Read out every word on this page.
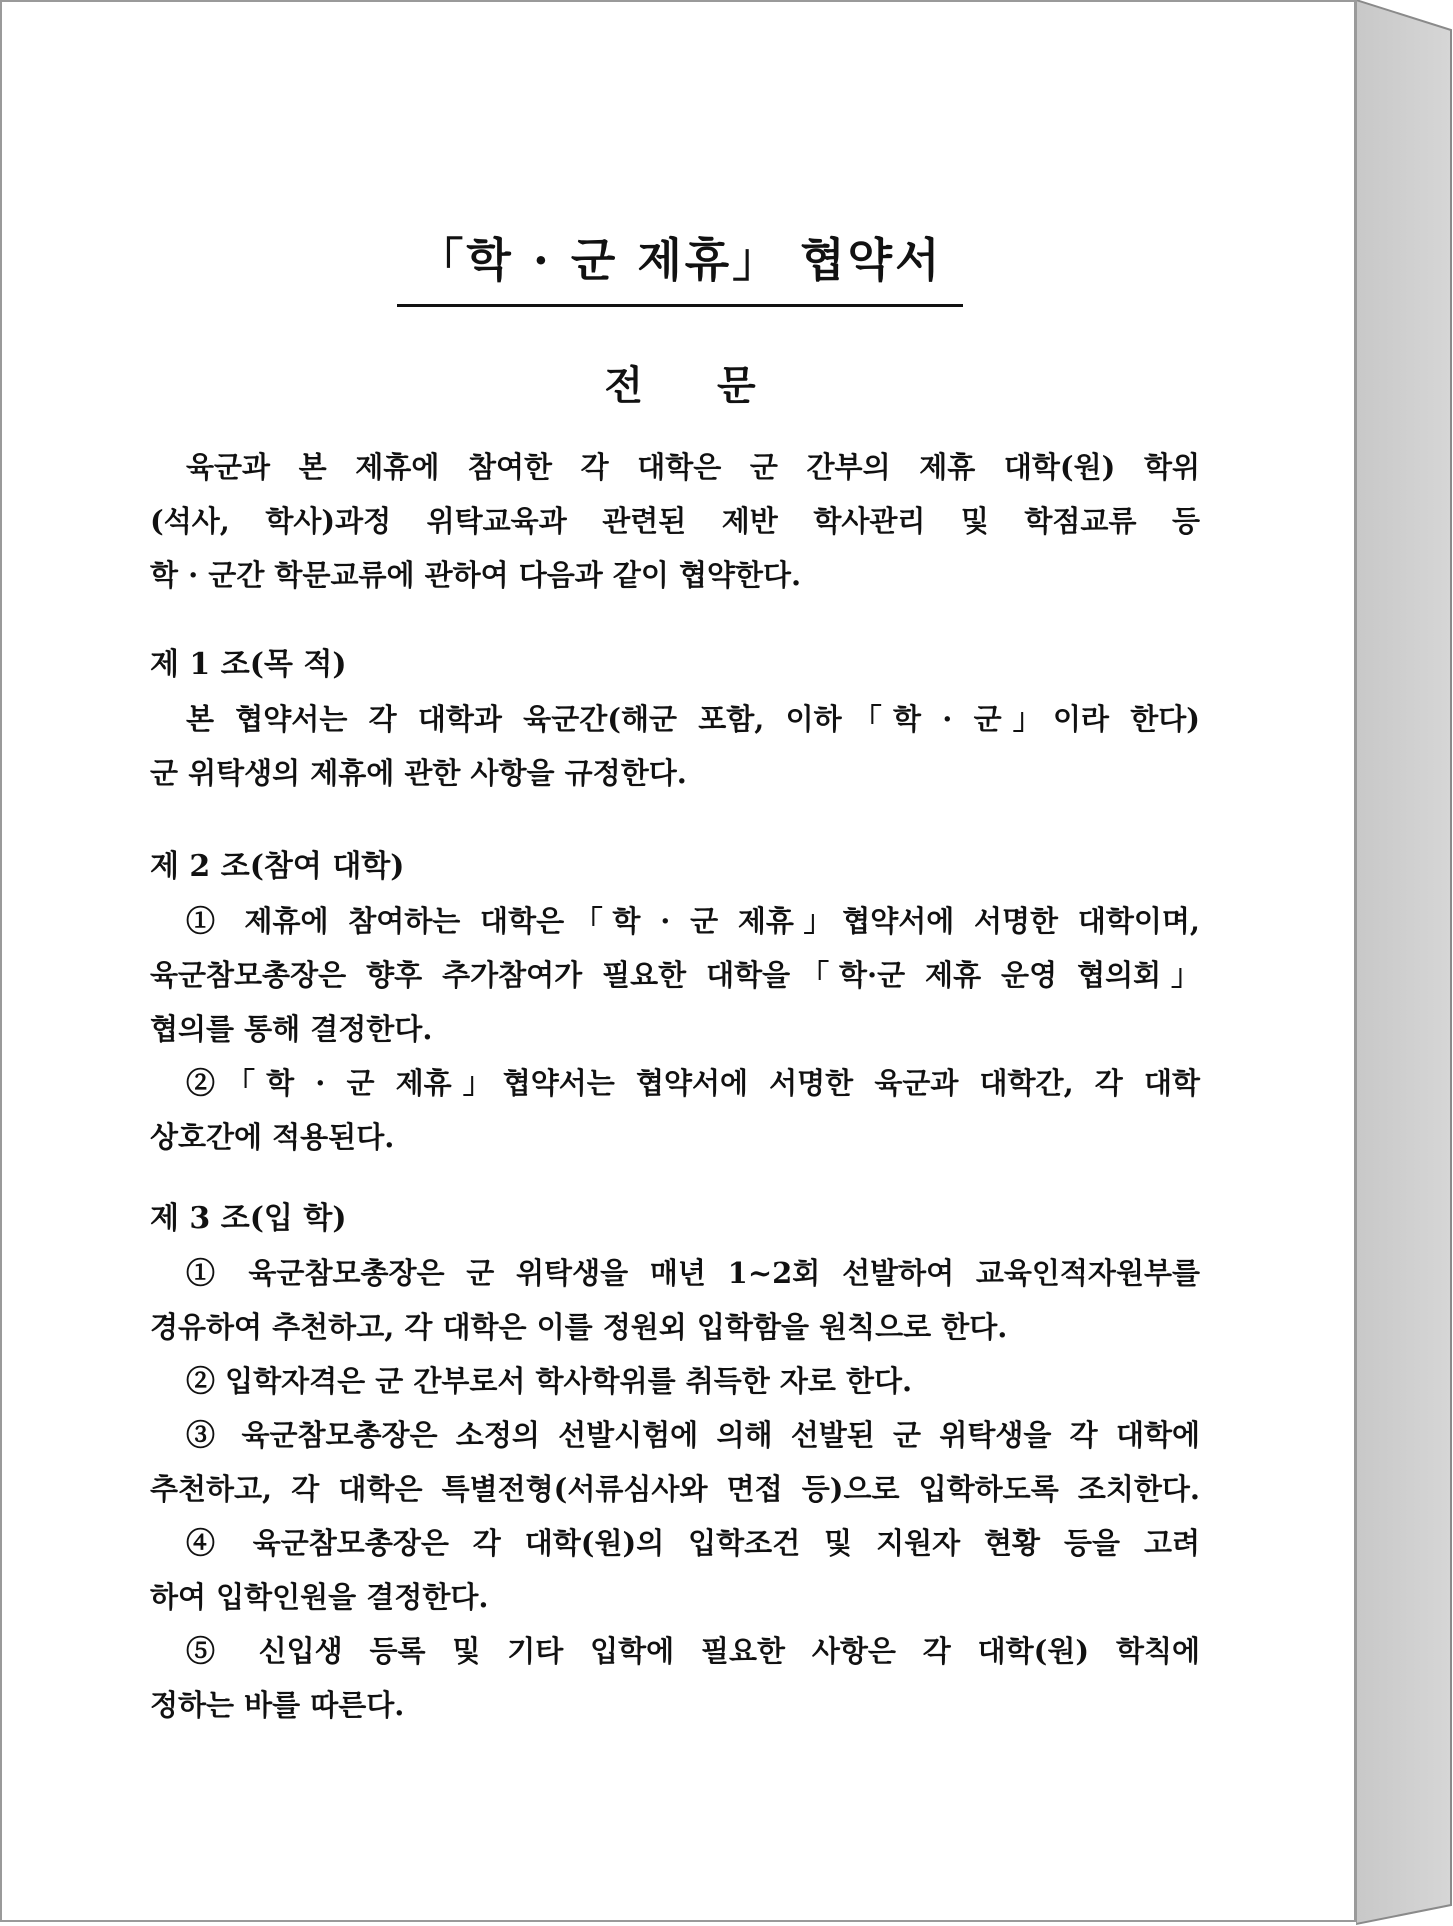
「학 · 군 제휴」 협약서
전 문
육군과 본 제휴에 참여한 각 대학은 군 간부의 제휴 대학(원) 학위
(석사, 학사)과정 위탁교육과 관련된 제반 학사관리 및 학점교류 등
학 · 군간 학문교류에 관하여 다음과 같이 협약한다.
제 1 조(목 적)
본 협약서는 각 대학과 육군간(해군 포함, 이하「학 · 군」이라 한다)
군 위탁생의 제휴에 관한 사항을 규정한다.
제 2 조(참여 대학)
① 제휴에 참여하는 대학은「학 · 군 제휴」협약서에 서명한 대학이며,
육군참모총장은 향후 추가참여가 필요한 대학을「학·군 제휴 운영 협의회」
협의를 통해 결정한다.
②「학 · 군 제휴」협약서는 협약서에 서명한 육군과 대학간, 각 대학
상호간에 적용된다.
제 3 조(입 학)
① 육군참모총장은 군 위탁생을 매년 1~2회 선발하여 교육인적자원부를
경유하여 추천하고, 각 대학은 이를 정원외 입학함을 원칙으로 한다.
② 입학자격은 군 간부로서 학사학위를 취득한 자로 한다.
③ 육군참모총장은 소정의 선발시험에 의해 선발된 군 위탁생을 각 대학에
추천하고, 각 대학은 특별전형(서류심사와 면접 등)으로 입학하도록 조치한다.
④ 육군참모총장은 각 대학(원)의 입학조건 및 지원자 현황 등을 고려
하여 입학인원을 결정한다.
⑤ 신입생 등록 및 기타 입학에 필요한 사항은 각 대학(원) 학칙에
정하는 바를 따른다.
